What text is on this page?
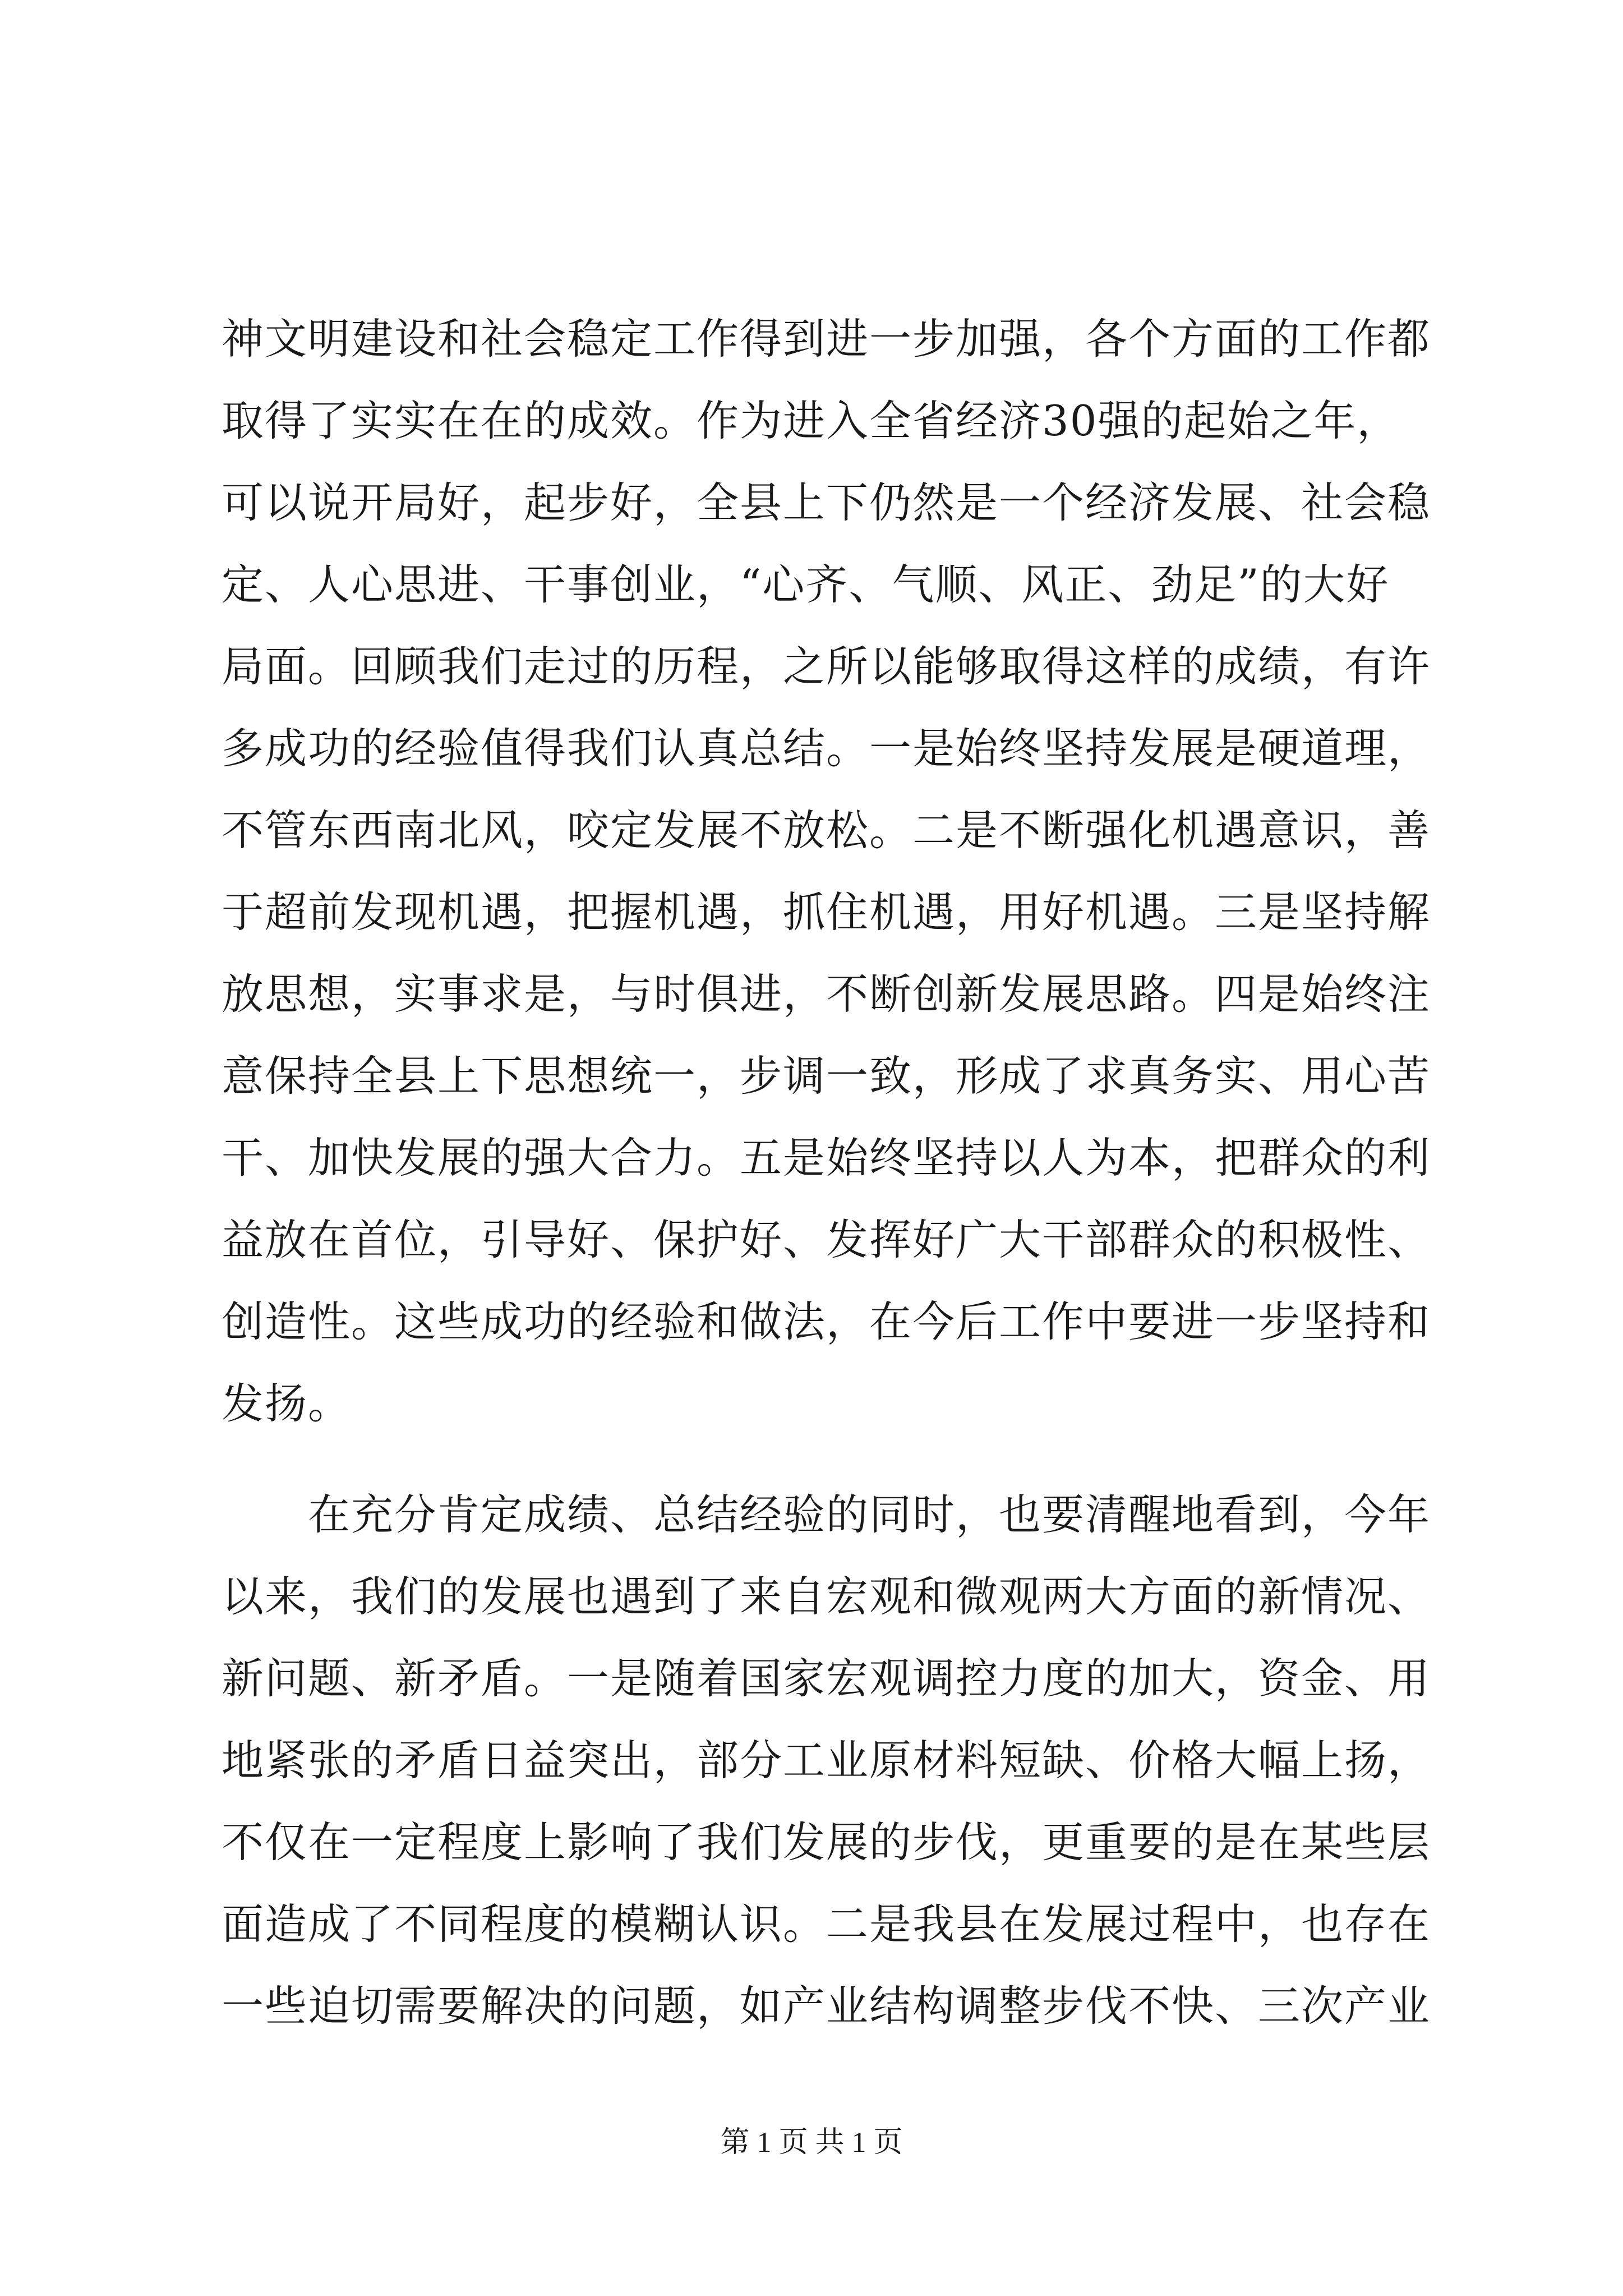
神文明建设和社会稳定工作得到进一步加强，各个方面的工作都
取得了实实在在的成效。作为进入全省经济30强的起始之年，
可以说开局好，起步好，全县上下仍然是一个经济发展、社会稳
定、人心思进、干事创业，“心齐、气顺、风正、劲足”的大好
局面。回顾我们走过的历程，之所以能够取得这样的成绩，有许
多成功的经验值得我们认真总结。一是始终坚持发展是硬道理，
不管东西南北风，咬定发展不放松。二是不断强化机遇意识，善
于超前发现机遇，把握机遇，抓住机遇，用好机遇。三是坚持解
放思想，实事求是，与时俱进，不断创新发展思路。四是始终注
意保持全县上下思想统一，步调一致，形成了求真务实、用心苦
干、加快发展的强大合力。五是始终坚持以人为本，把群众的利
益放在首位，引导好、保护好、发挥好广大干部群众的积极性、
创造性。这些成功的经验和做法，在今后工作中要进一步坚持和
发扬。
　　在充分肯定成绩、总结经验的同时，也要清醒地看到，今年
以来，我们的发展也遇到了来自宏观和微观两大方面的新情况、
新问题、新矛盾。一是随着国家宏观调控力度的加大，资金、用
地紧张的矛盾日益突出，部分工业原材料短缺、价格大幅上扬，
不仅在一定程度上影响了我们发展的步伐，更重要的是在某些层
面造成了不同程度的模糊认识。二是我县在发展过程中，也存在
一些迫切需要解决的问题，如产业结构调整步伐不快、三次产业
第 1 页 共 1 页
